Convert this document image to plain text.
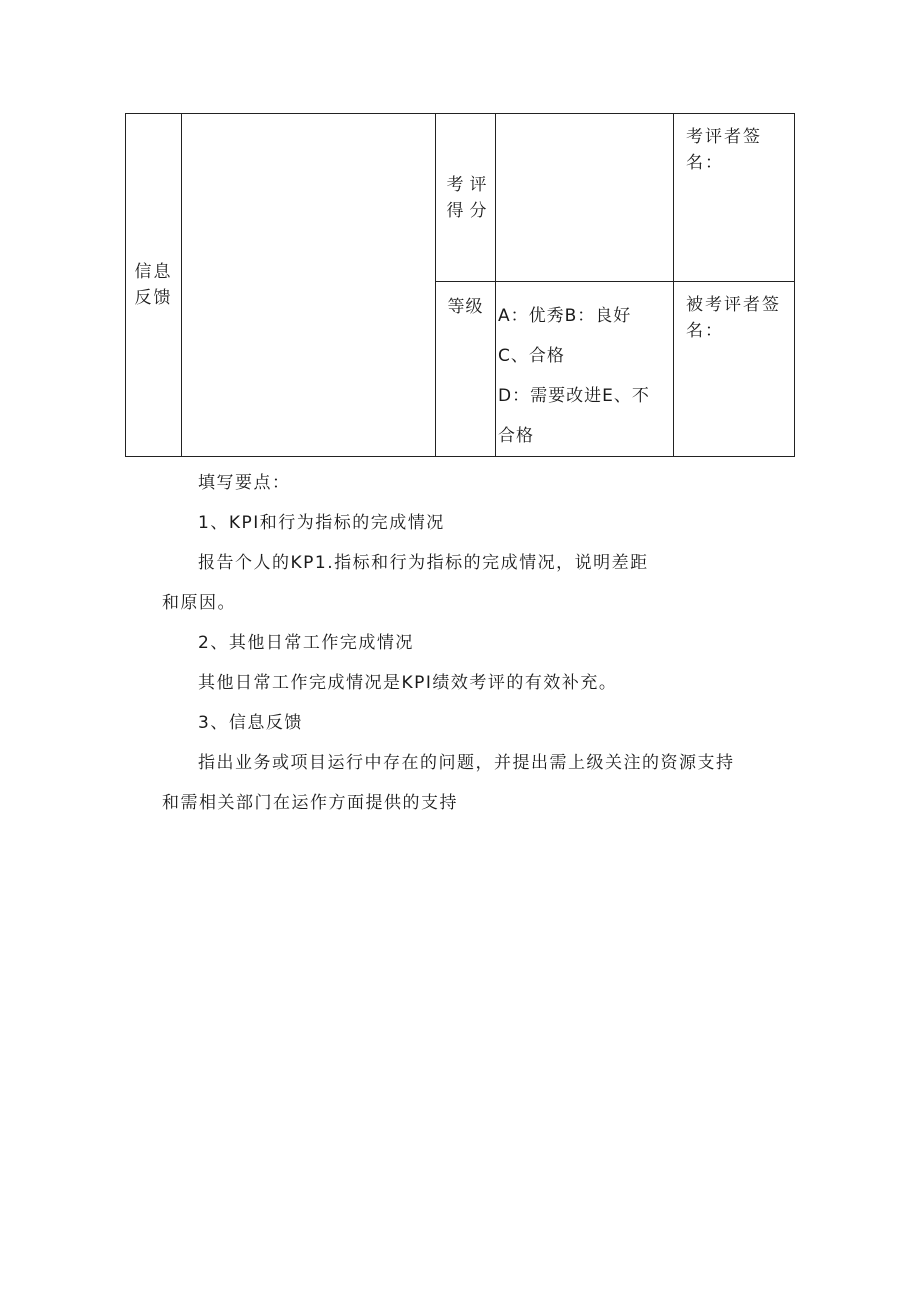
信息反馈		考评得分		考评者签名：
		等级	A：优秀B：良好
C、合格
D：需要改进E、不
合格	被考评者签名：

填写要点：

1、KPI和行为指标的完成情况

报告个人的KP1.指标和行为指标的完成情况，说明差距

和原因。

2、其他日常工作完成情况

其他日常工作完成情况是KPI绩效考评的有效补充。

3、信息反馈

指出业务或项目运行中存在的问题，并提出需上级关注的资源支持

和需相关部门在运作方面提供的支持
